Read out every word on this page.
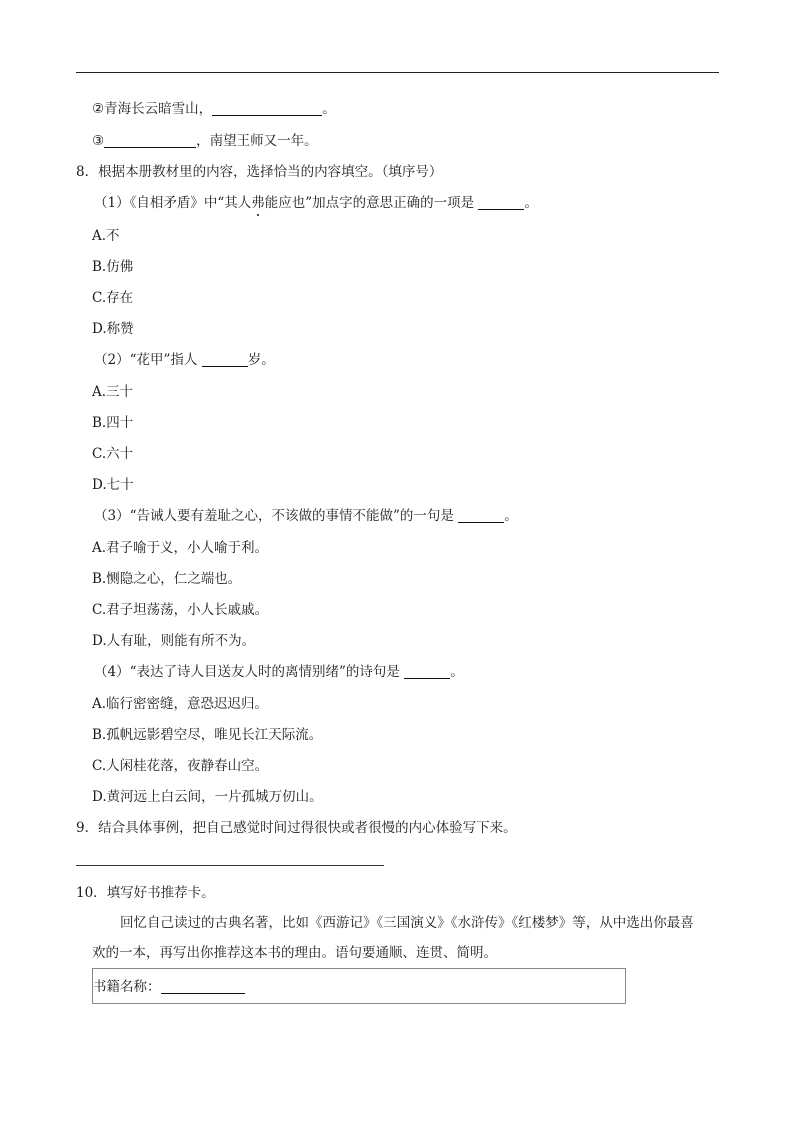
②青海长云暗雪山，	。
③	，南望王师又一年。
8．根据本册教材里的内容，选择恰当的内容填空。（填序号）
（1）《自相矛盾》中“其人弗能应也”加点字的意思正确的一项是	。
A.不
B.仿佛
C.存在
D.称赞
（2）“花甲”指人	岁。
A.三十
B.四十
C.六十
D.七十
（3）“告诫人要有羞耻之心，不该做的事情不能做”的一句是	。
A.君子喻于义，小人喻于利。
B.恻隐之心，仁之端也。
C.君子坦荡荡，小人长戚戚。
D.人有耻，则能有所不为。
（4）“表达了诗人目送友人时的离情别绪”的诗句是	。
A.临行密密缝，意恐迟迟归。
B.孤帆远影碧空尽，唯见长江天际流。
C.人闲桂花落，夜静春山空。
D.黄河远上白云间，一片孤城万仞山。
9．结合具体事例，把自己感觉时间过得很快或者很慢的内心体验写下来。
10．填写好书推荐卡。
回忆自己读过的古典名著，比如《西游记》《三国演义》《水浒传》《红楼梦》等，从中选出你最喜
欢的一本，再写出你推荐这本书的理由。语句要通顺、连贯、简明。
书籍名称：
